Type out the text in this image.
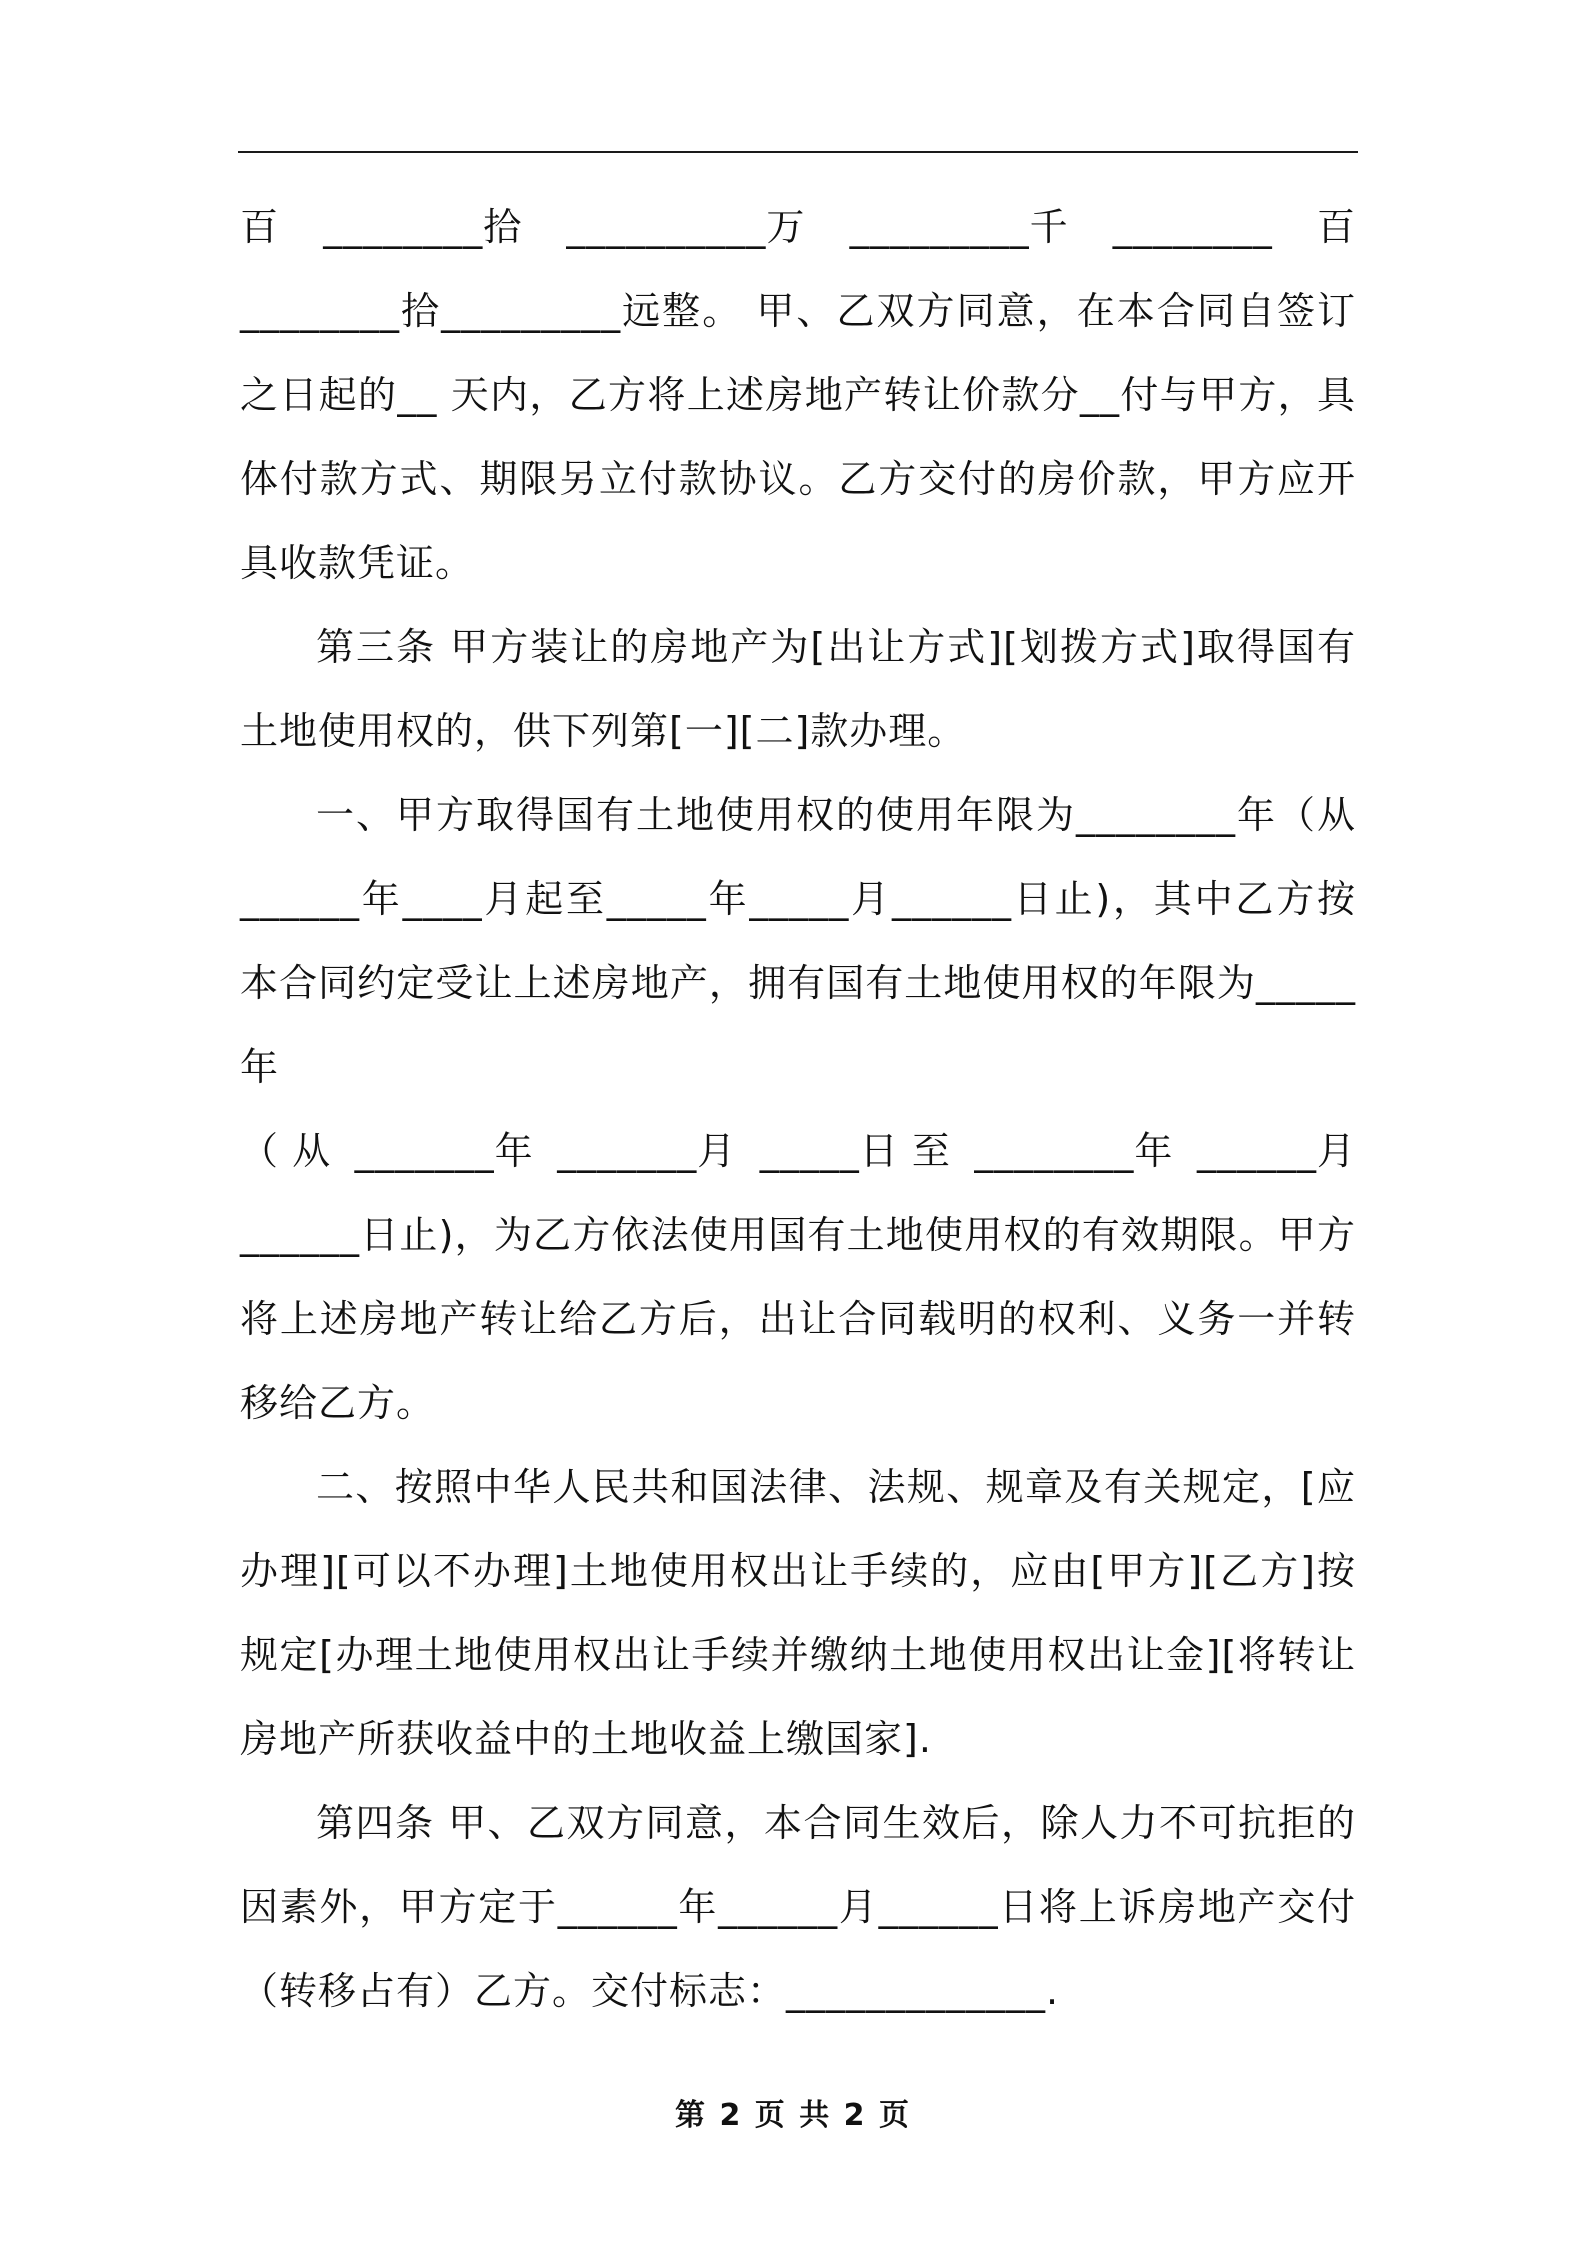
百 ________拾 __________万 _________千 ________ 百

________拾_________远整。 甲、乙双方同意，在本合同自签订之日起的__ 天内，乙方将上述房地产转让价款分__付与甲方，具体付款方式、期限另立付款协议。乙方交付的房价款，甲方应开具收款凭证。

第三条 甲方装让的房地产为[出让方式][划拨方式]取得国有土地使用权的，供下列第[一][二]款办理。

一、甲方取得国有土地使用权的使用年限为________年（从______年____月起至_____年_____月______日止)，其中乙方按本合同约定受让上述房地产，拥有国有土地使用权的年限为_____年

（ 从 _______年 _______月 _____日 至 ________年 ______月

______日止)，为乙方依法使用国有土地使用权的有效期限。甲方将上述房地产转让给乙方后，出让合同载明的权利、义务一并转移给乙方。

二、按照中华人民共和国法律、法规、规章及有关规定，[应办理][可以不办理]土地使用权出让手续的，应由[甲方][乙方]按规定[办理土地使用权出让手续并缴纳土地使用权出让金][将转让房地产所获收益中的土地收益上缴国家].

第四条 甲、乙双方同意，本合同生效后，除人力不可抗拒的因素外，甲方定于______年______月______日将上诉房地产交付（转移占有）乙方。交付标志：_____________.

第 2 页 共 2 页
